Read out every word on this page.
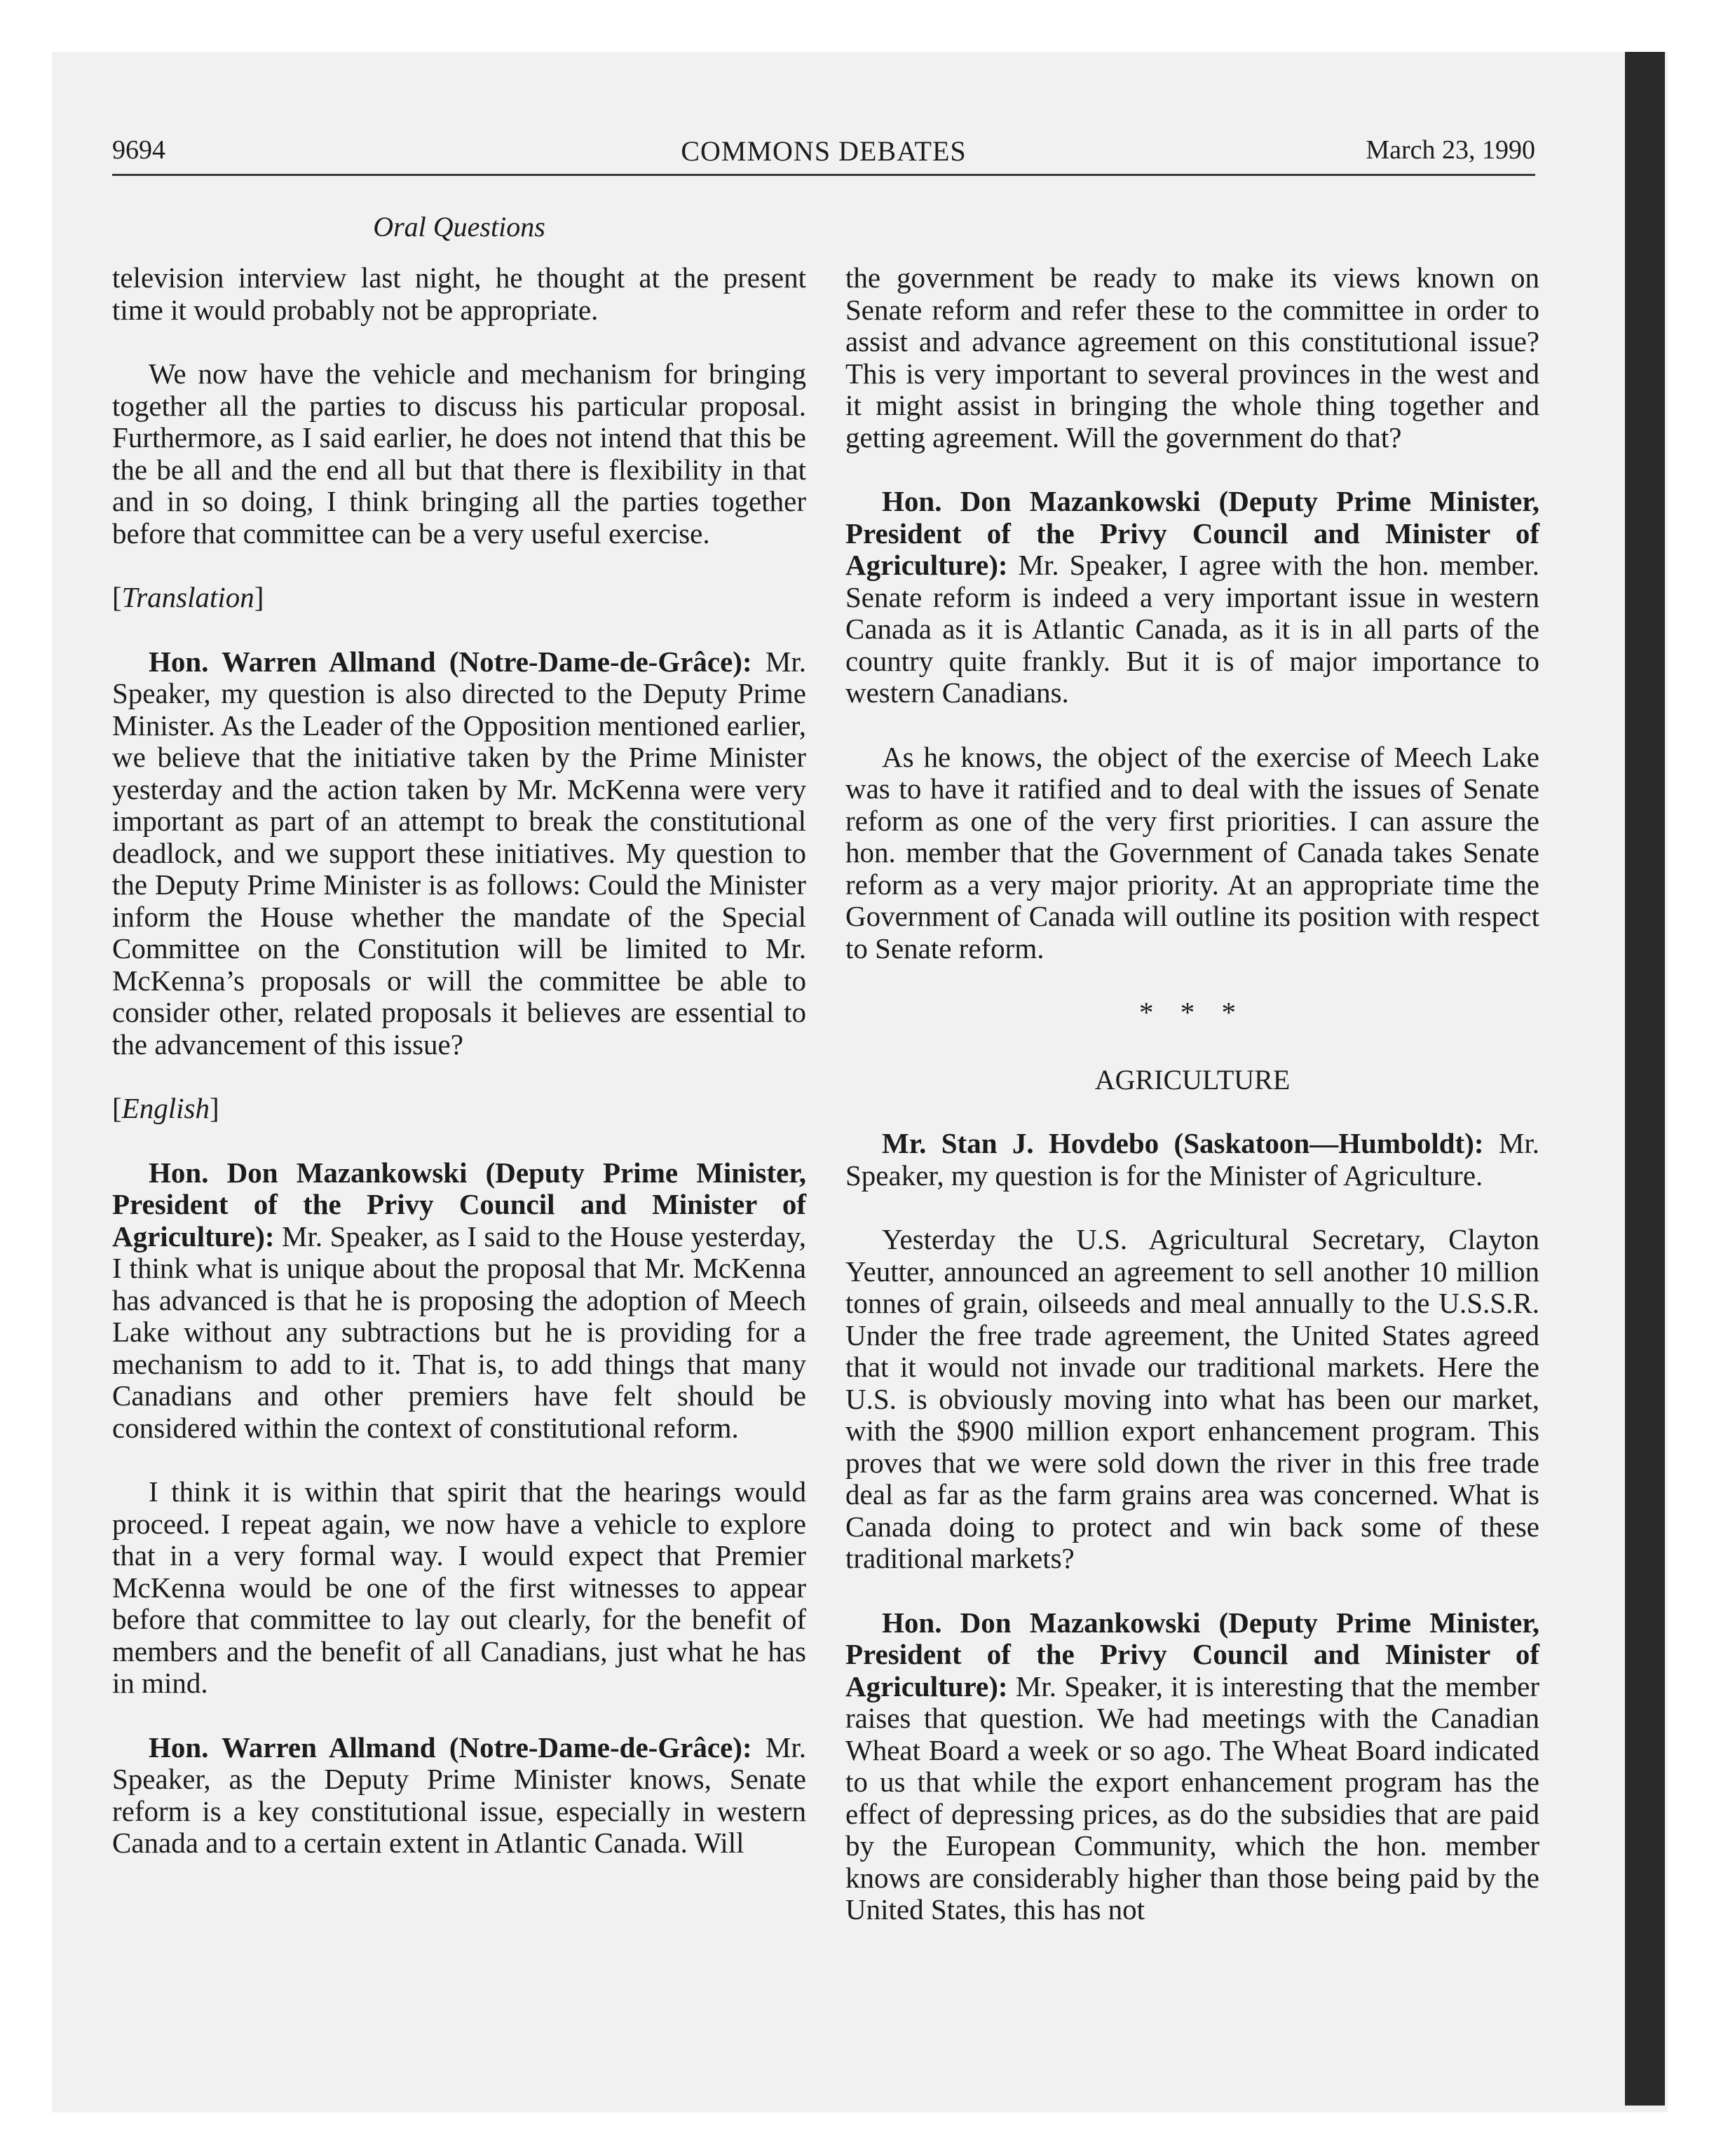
9694	COMMONS DEBATES	March 23, 1990
Oral Questions

television interview last night, he thought at the present time it would probably not be appropriate.

We now have the vehicle and mechanism for bringing together all the parties to discuss his particular proposal. Furthermore, as I said earlier, he does not intend that this be the be all and the end all but that there is flexibility in that and in so doing, I think bringing all the parties together before that committee can be a very useful exercise.

[Translation]

Hon. Warren Allmand (Notre-Dame-de-Grâce): Mr. Speaker, my question is also directed to the Deputy Prime Minister. As the Leader of the Opposition mentioned earlier, we believe that the initiative taken by the Prime Minister yesterday and the action taken by Mr. McKenna were very important as part of an attempt to break the constitutional deadlock, and we support these initiatives. My question to the Deputy Prime Minister is as follows: Could the Minister inform the House whether the mandate of the Special Committee on the Constitution will be limited to Mr. McKenna’s proposals or will the committee be able to consider other, related proposals it believes are essential to the advancement of this issue?

[English]

Hon. Don Mazankowski (Deputy Prime Minister, President of the Privy Council and Minister of Agriculture): Mr. Speaker, as I said to the House yesterday, I think what is unique about the proposal that Mr. McKenna has advanced is that he is proposing the adoption of Meech Lake without any subtractions but he is providing for a mechanism to add to it. That is, to add things that many Canadians and other premiers have felt should be considered within the context of constitutional reform.

I think it is within that spirit that the hearings would proceed. I repeat again, we now have a vehicle to explore that in a very formal way. I would expect that Premier McKenna would be one of the first witnesses to appear before that committee to lay out clearly, for the benefit of members and the benefit of all Canadians, just what he has in mind.

Hon. Warren Allmand (Notre-Dame-de-Grâce): Mr. Speaker, as the Deputy Prime Minister knows, Senate reform is a key constitutional issue, especially in western Canada and to a certain extent in Atlantic Canada. Will

the government be ready to make its views known on Senate reform and refer these to the committee in order to assist and advance agreement on this constitutional issue? This is very important to several provinces in the west and it might assist in bringing the whole thing together and getting agreement. Will the government do that?

Hon. Don Mazankowski (Deputy Prime Minister, President of the Privy Council and Minister of Agriculture): Mr. Speaker, I agree with the hon. member. Senate reform is indeed a very important issue in western Canada as it is Atlantic Canada, as it is in all parts of the country quite frankly. But it is of major importance to western Canadians.

As he knows, the object of the exercise of Meech Lake was to have it ratified and to deal with the issues of Senate reform as one of the very first priorities. I can assure the hon. member that the Government of Canada takes Senate reform as a very major priority. At an appropriate time the Government of Canada will outline its position with respect to Senate reform.

* * *

AGRICULTURE

Mr. Stan J. Hovdebo (Saskatoon—Humboldt): Mr. Speaker, my question is for the Minister of Agriculture.

Yesterday the U.S. Agricultural Secretary, Clayton Yeutter, announced an agreement to sell another 10 million tonnes of grain, oilseeds and meal annually to the U.S.S.R. Under the free trade agreement, the United States agreed that it would not invade our traditional markets. Here the U.S. is obviously moving into what has been our market, with the $900 million export enhancement program. This proves that we were sold down the river in this free trade deal as far as the farm grains area was concerned. What is Canada doing to protect and win back some of these traditional markets?

Hon. Don Mazankowski (Deputy Prime Minister, President of the Privy Council and Minister of Agriculture): Mr. Speaker, it is interesting that the member raises that question. We had meetings with the Canadian Wheat Board a week or so ago. The Wheat Board indicated to us that while the export enhancement program has the effect of depressing prices, as do the subsidies that are paid by the European Community, which the hon. member knows are considerably higher than those being paid by the United States, this has not
